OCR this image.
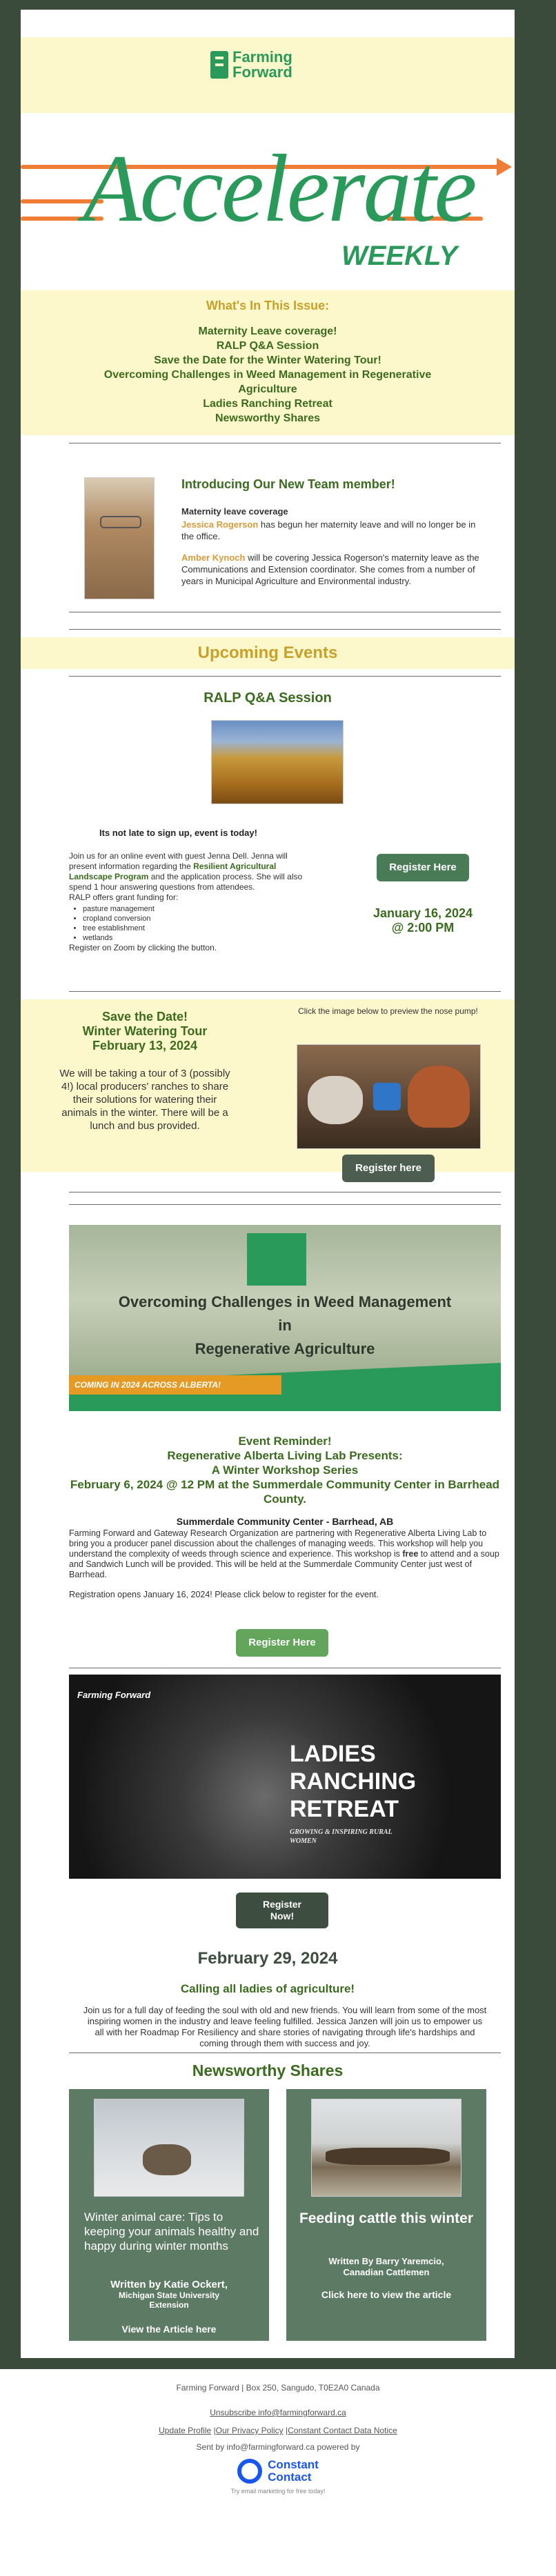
Farming
Forward
Accelerate
WEEKLY
What's In This Issue:
Maternity Leave coverage!
RALP Q&A Session
Save the Date for the Winter Watering Tour!
Overcoming Challenges in Weed Management in Regenerative Agriculture
Ladies Ranching Retreat
Newsworthy Shares
Introducing Our New Team member!
Maternity leave coverage
Jessica Rogerson has begun her maternity leave and will no longer be in the office.
Amber Kynoch will be covering Jessica Rogerson's maternity leave as the Communications and Extension coordinator. She comes from a number of years in Municipal Agriculture and Environmental industry.
Upcoming Events
RALP Q&A Session
Its not late to sign up, event is today!
Join us for an online event with guest Jenna Dell. Jenna will present information regarding the Resilient Agricultural Landscape Program and the application process. She will also spend 1 hour answering questions from attendees.
RALP offers grant funding for:
• pasture management
• cropland conversion
• tree establishment
• wetlands
Register on Zoom by clicking the button.
Register Here
January 16, 2024
@ 2:00 PM
Save the Date!
Winter Watering Tour
February 13, 2024
We will be taking a tour of 3 (possibly 4!) local producers' ranches to share their solutions for watering their animals in the winter. There will be a lunch and bus provided.
Click the image below to preview the nose pump!
Register here
Overcoming Challenges in Weed Management
in
Regenerative Agriculture
COMING IN 2024 ACROSS ALBERTA!
Event Reminder!
Regenerative Alberta Living Lab Presents:
A Winter Workshop Series
February 6, 2024 @ 12 PM at the Summerdale Community Center in Barrhead County.
Summerdale Community Center - Barrhead, AB
Farming Forward and Gateway Research Organization are partnering with Regenerative Alberta Living Lab to bring you a producer panel discussion about the challenges of managing weeds. This workshop will help you understand the complexity of weeds through science and experience. This workshop is free to attend and a soup and Sandwich Lunch will be provided. This will be held at the Summerdale Community Center just west of Barrhead.
Registration opens January 16, 2024! Please click below to register for the event.
Register Here
Farming Forward
LADIES
RANCHING
RETREAT
GROWING & INSPIRING RURAL
WOMEN
Register
Now!
February 29, 2024
Calling all ladies of agriculture!
Join us for a full day of feeding the soul with old and new friends. You will learn from some of the most inspiring women in the industry and leave feeling fulfilled. Jessica Janzen will join us to empower us all with her Roadmap For Resiliency and share stories of navigating through life's hardships and coming through them with success and joy.
Newsworthy Shares
Winter animal care: Tips to keeping your animals healthy and happy during winter months
Written by Katie Ockert,
Michigan State University
Extension
View the Article here
Feeding cattle this winter
Written By Barry Yaremcio,
Canadian Cattlemen
Click here to view the article
Farming Forward | Box 250, Sangudo, T0E2A0 Canada
Unsubscribe info@farmingforward.ca
Update Profile |Our Privacy Policy |Constant Contact Data Notice
Sent by info@farmingforward.ca powered by
Constant
Contact
Try email marketing for free today!
